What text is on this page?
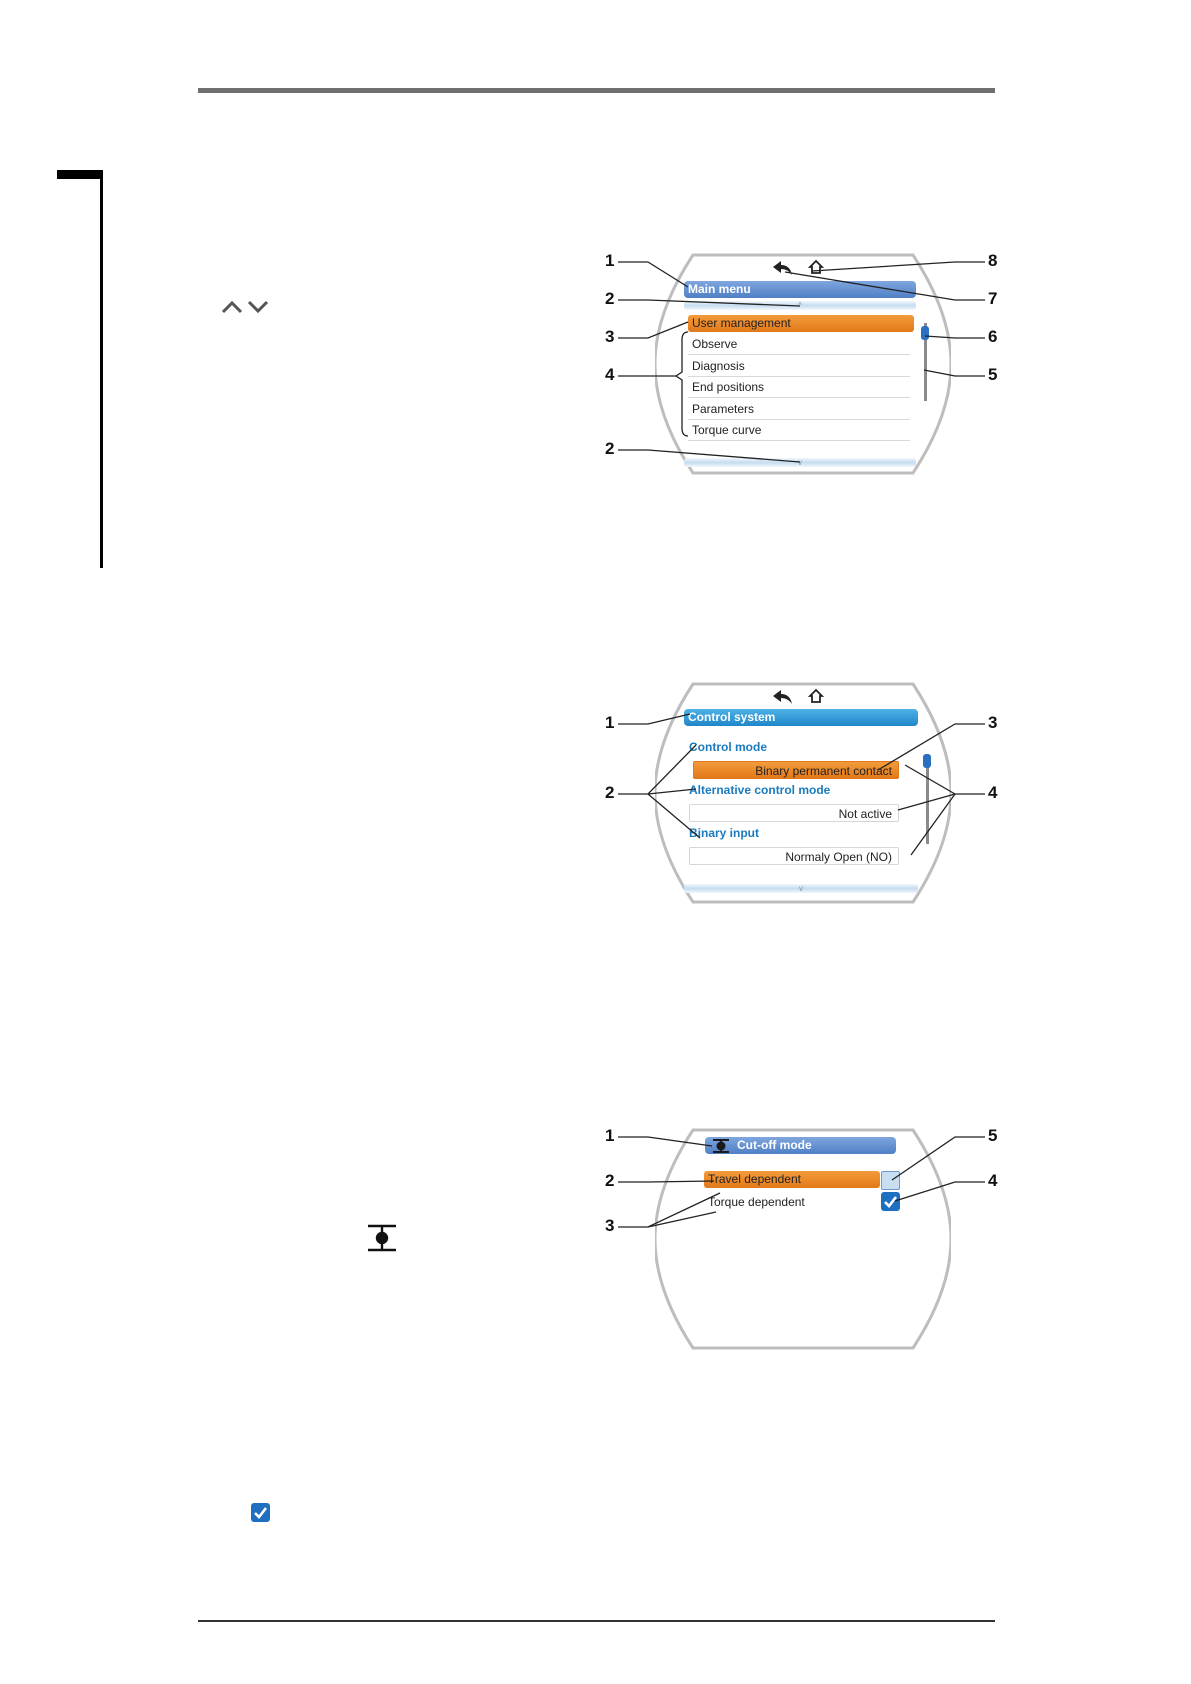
Main menu
^
User management
Observe
Diagnosis
End positions
Parameters
Torque curve
v
1
2
3
4
2
8
7
6
5
Control system
Control mode
Binary permanent contact
Alternative control mode
Not active
Binary input
Normaly Open (NO)
v
1
2
3
4
Cut-off mode
Travel dependent
Torque dependent
1
2
3
5
4
